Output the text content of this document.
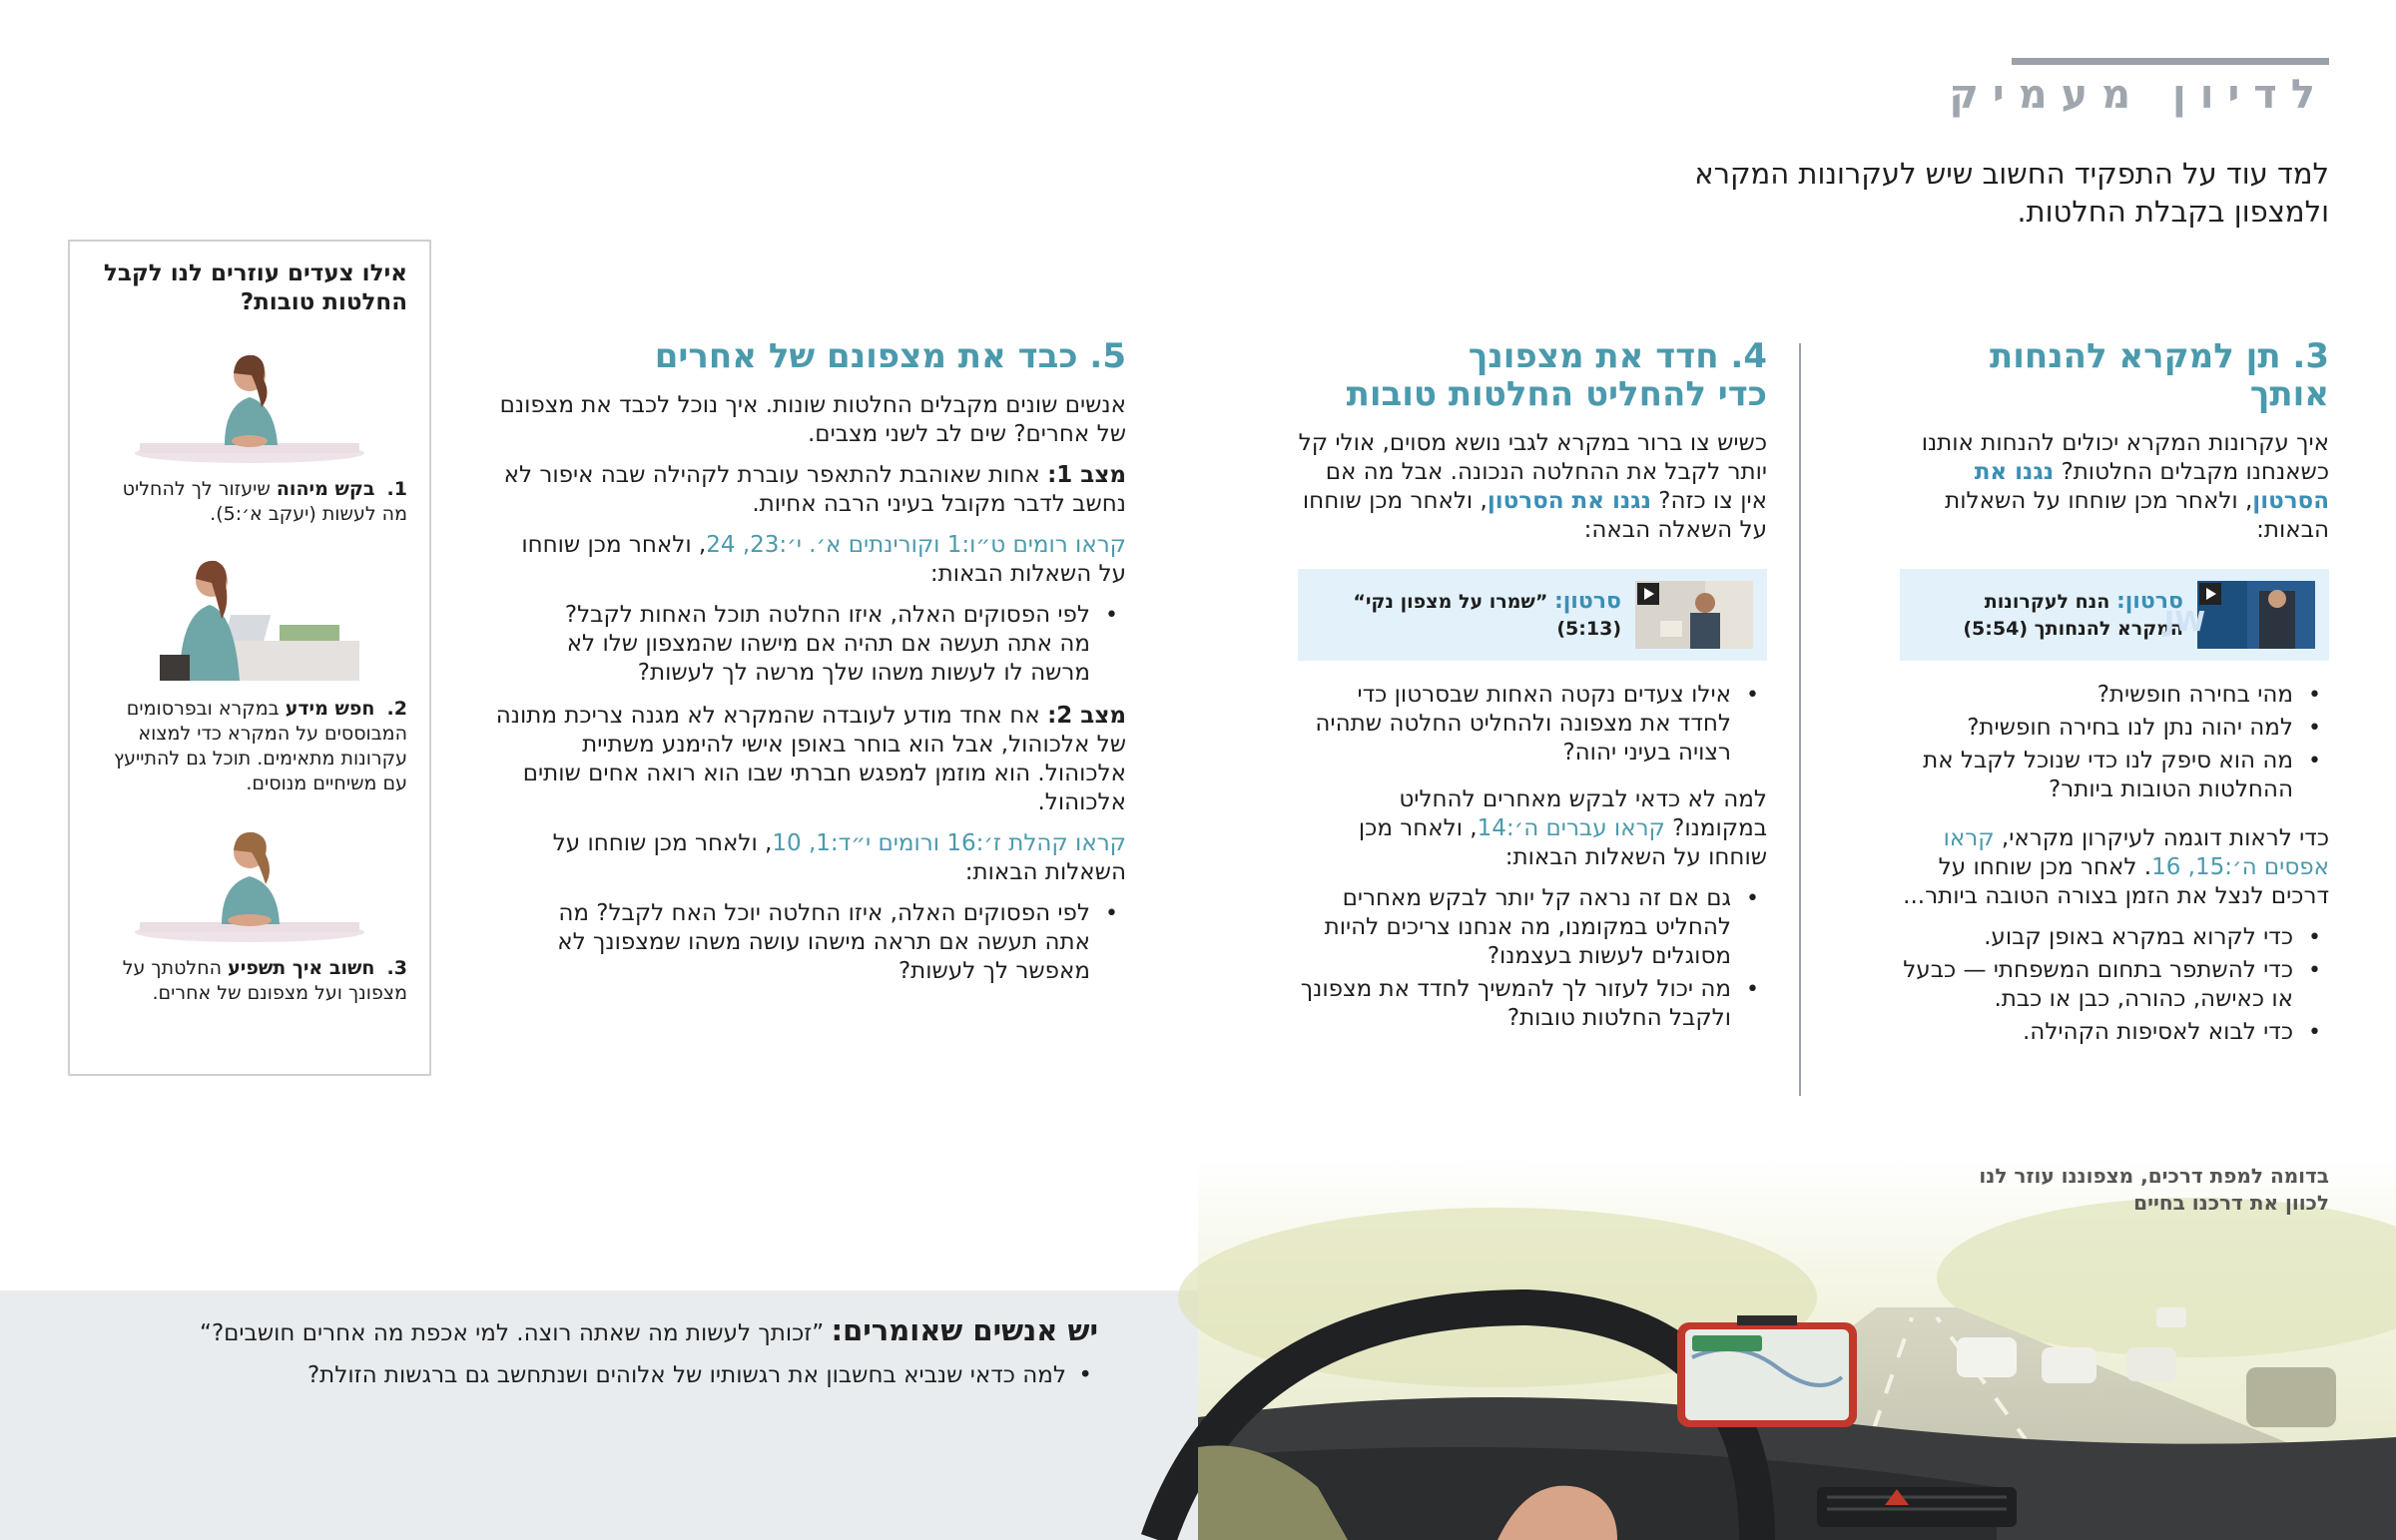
לדיון מעמיק
למד עוד על התפקיד החשוב שיש לעקרונות המקרא ולמצפון בקבלת החלטות.
3. תן למקרא להנחות אותך

איך עקרונות המקרא יכולים להנחות אותנו כשאנחנו מקבלים החלטות? נגנו את הסרטון, ולאחר מכן שוחחו על השאלות הבאות:

JW
סרטון: הנח לעקרונות המקרא להנחותך (5:54)
• מהי בחירה חופשית?
• למה יהוה נתן לנו בחירה חופשית?
• מה הוא סיפק לנו כדי שנוכל לקבל את ההחלטות הטובות ביותר?

כדי לראות דוגמה לעיקרון מקראי, קראו אפסים ה׳:15, 16. לאחר מכן שוחחו על דרכים לנצל את הזמן בצורה הטובה ביותר...

• כדי לקרוא במקרא באופן קבוע.
• כדי להשתפר בתחום המשפחתי — כבעל או כאישה, כהורה, כבן או כבת.
• כדי לבוא לאסיפות הקהילה.
4. חדד את מצפונך
כדי להחליט החלטות טובות

כשיש צו ברור במקרא לגבי נושא מסוים, אולי קל יותר לקבל את ההחלטה הנכונה. אבל מה אם אין צו כזה? נגנו את הסרטון, ולאחר מכן שוחחו על השאלה הבאה:

סרטון: ”שמרו על מצפון נקי“
(5:13)
• אילו צעדים נקטה האחות שבסרטון כדי לחדד את מצפונה ולהחליט החלטה שתהיה רצויה בעיני יהוה?

למה לא כדאי לבקש מאחרים להחליט במקומנו? קראו עברים ה׳:14, ולאחר מכן שוחחו על השאלות הבאות:

• גם אם זה נראה קל יותר לבקש מאחרים להחליט במקומנו, מה אנחנו צריכים להיות מסוגלים לעשות בעצמנו?
• מה יכול לעזור לך להמשיך לחדד את מצפונך ולקבל החלטות טובות?
5. כבד את מצפונם של אחרים

אנשים שונים מקבלים החלטות שונות. איך נוכל לכבד את מצפונם של אחרים? שים לב לשני מצבים.

מצב 1: אחות שאוהבת להתאפר עוברת לקהילה שבה איפור לא נחשב לדבר מקובל בעיני הרבה אחיות.

קראו רומים ט״ו:1 וקורינתים א׳. י׳:23, 24, ולאחר מכן שוחחו על השאלות הבאות:

• לפי הפסוקים האלה, איזו החלטה תוכל האחות לקבל? מה אתה תעשה אם תהיה אם מישהו שהמצפון שלו לא מרשה לו לעשות משהו שלך מרשה לך לעשות?

מצב 2: אח אחד מודע לעובדה שהמקרא לא מגנה צריכת מתונה של אלכוהול, אבל הוא בוחר באופן אישי להימנע משתיית אלכוהול. הוא מוזמן למפגש חברתי שבו הוא רואה אחים שותים אלכוהול.

קראו קהלת ז׳:16 ורומים י״ד:1, 10, ולאחר מכן שוחחו על השאלות הבאות:

• לפי הפסוקים האלה, איזו החלטה יוכל האח לקבל? מה אתה תעשה אם תראה מישהו עושה משהו שמצפונך לא מאפשר לך לעשות?
אילו צעדים עוזרים לנו לקבל החלטות טובות?

1.  בקש מיהוה שיעזור לך להחליט מה לעשות (יעקב א׳:5).

2.  חפש מידע במקרא ובפרסומים המבוססים על המקרא כדי למצוא עקרונות מתאימים. תוכל גם להתייעץ עם משיחיים מנוסים.

3.  חשוב איך תשפיע החלטתך על מצפונך ועל מצפונם של אחרים.

יש אנשים שאומרים: ”זכותך לעשות מה שאתה רוצה. למי אכפת מה אחרים חושבים?“
• למה כדאי שנביא בחשבון את רגשותיו של אלוהים ושנתחשב גם ברגשות הזולת?
בדומה למפת דרכים, מצפוננו עוזר לנו
לכוון את דרכנו בחיים
